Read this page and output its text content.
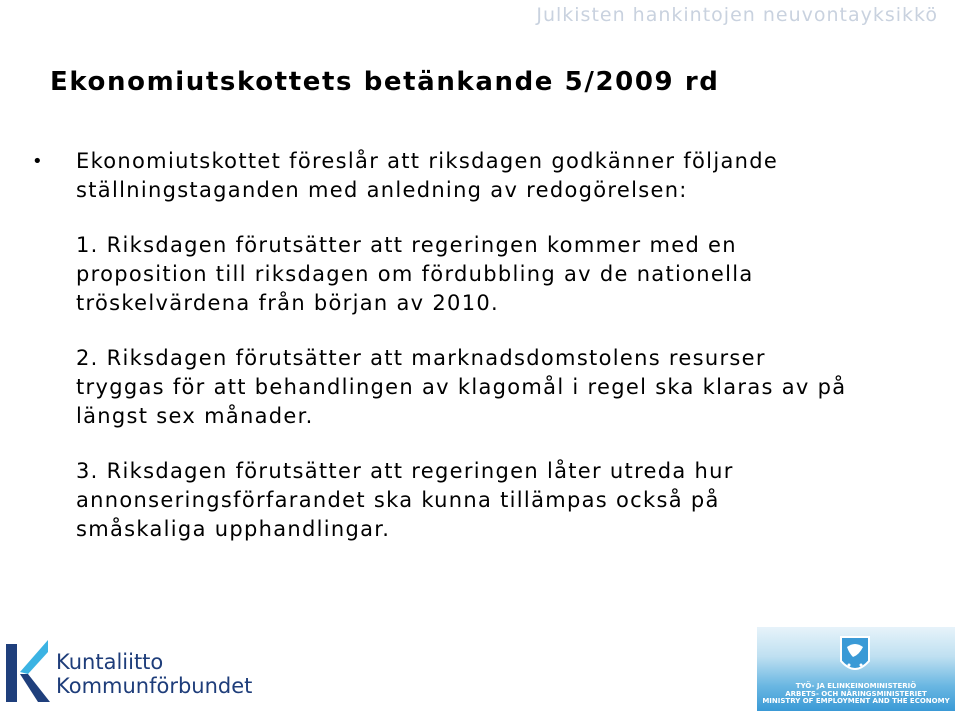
Julkisten hankintojen neuvontayksikkö
Ekonomiutskottets betänkande 5/2009 rd
• Ekonomiutskottet föreslår att riksdagen godkänner följande
ställningstaganden med anledning av redogörelsen:
1. Riksdagen förutsätter att regeringen kommer med en
proposition till riksdagen om fördubbling av de nationella
tröskelvärdena från början av 2010.
2. Riksdagen förutsätter att marknadsdomstolens resurser
tryggas för att behandlingen av klagomål i regel ska klaras av på
längst sex månader.
3. Riksdagen förutsätter att regeringen låter utreda hur
annonseringsförfarandet ska kunna tillämpas också på
småskaliga upphandlingar.
Kuntaliitto
Kommunförbundet	TYÖ- JA ELINKEINOMINISTERIÖ
ARBETS- OCH NÄRINGSMINISTERIET
MINISTRY OF EMPLOYMENT AND THE ECONOMY
